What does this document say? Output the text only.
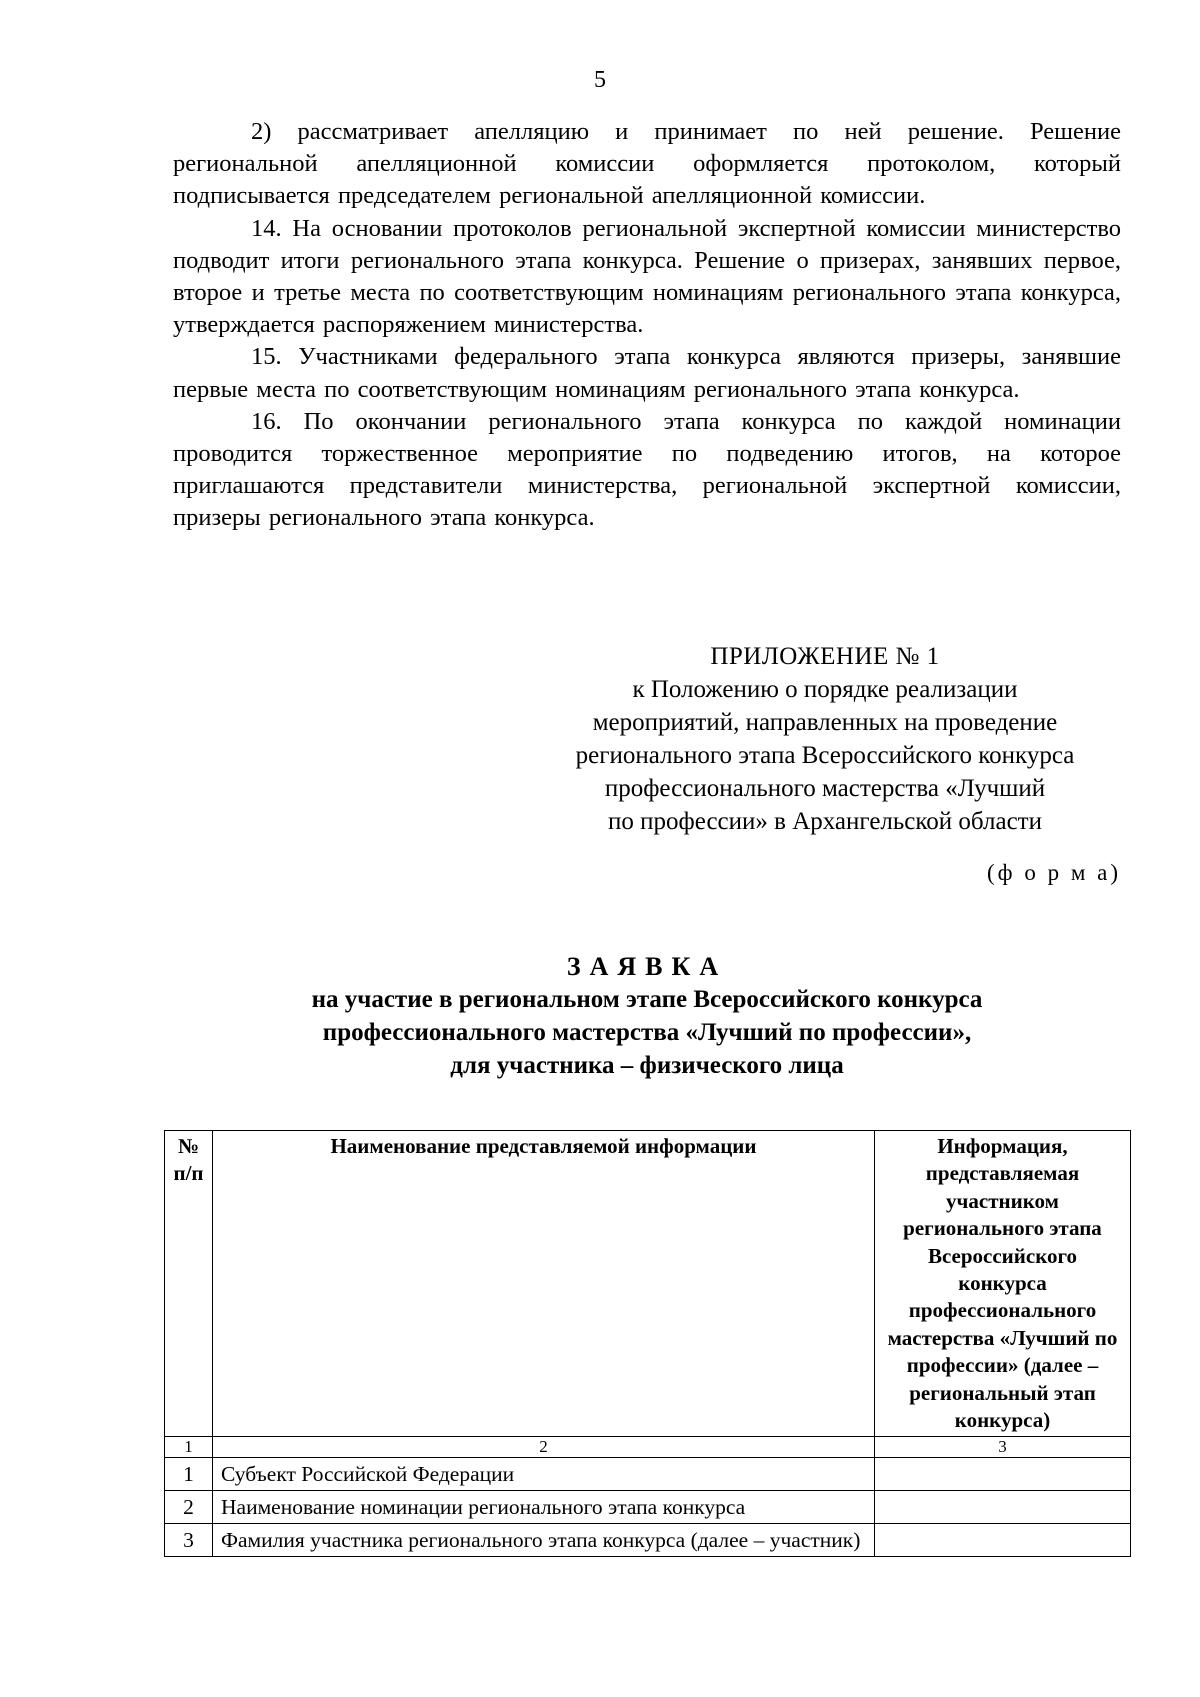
5

2) рассматривает апелляцию и принимает по ней решение. Решение региональной апелляционной комиссии оформляется протоколом, который подписывается председателем региональной апелляционной комиссии.

14. На основании протоколов региональной экспертной комиссии министерство подводит итоги регионального этапа конкурса. Решение о призерах, занявших первое, второе и третье места по соответствующим номинациям регионального этапа конкурса, утверждается распоряжением министерства.

15. Участниками федерального этапа конкурса являются призеры, занявшие первые места по соответствующим номинациям регионального этапа конкурса.

16. По окончании регионального этапа конкурса по каждой номинации проводится торжественное мероприятие по подведению итогов, на которое приглашаются представители министерства, региональной экспертной комиссии, призеры регионального этапа конкурса.

ПРИЛОЖЕНИЕ № 1
к Положению о порядке реализации
мероприятий, направленных на проведение
регионального этапа Всероссийского конкурса
профессионального мастерства «Лучший
по профессии» в Архангельской области
(ф о р м а)
ЗАЯВКА
на участие в региональном этапе Всероссийского конкурса
профессионального мастерства «Лучший по профессии»,
для участника – физического лица
№ п/п	Наименование представляемой информации	Информация, представляемая участником регионального этапа Всероссийского конкурса профессионального мастерства «Лучший по профессии» (далее – региональный этап конкурса)
1	2	3
1	Субъект Российской Федерации	
2	Наименование номинации регионального этапа конкурса	
3	Фамилия участника регионального этапа конкурса (далее – участник)	
